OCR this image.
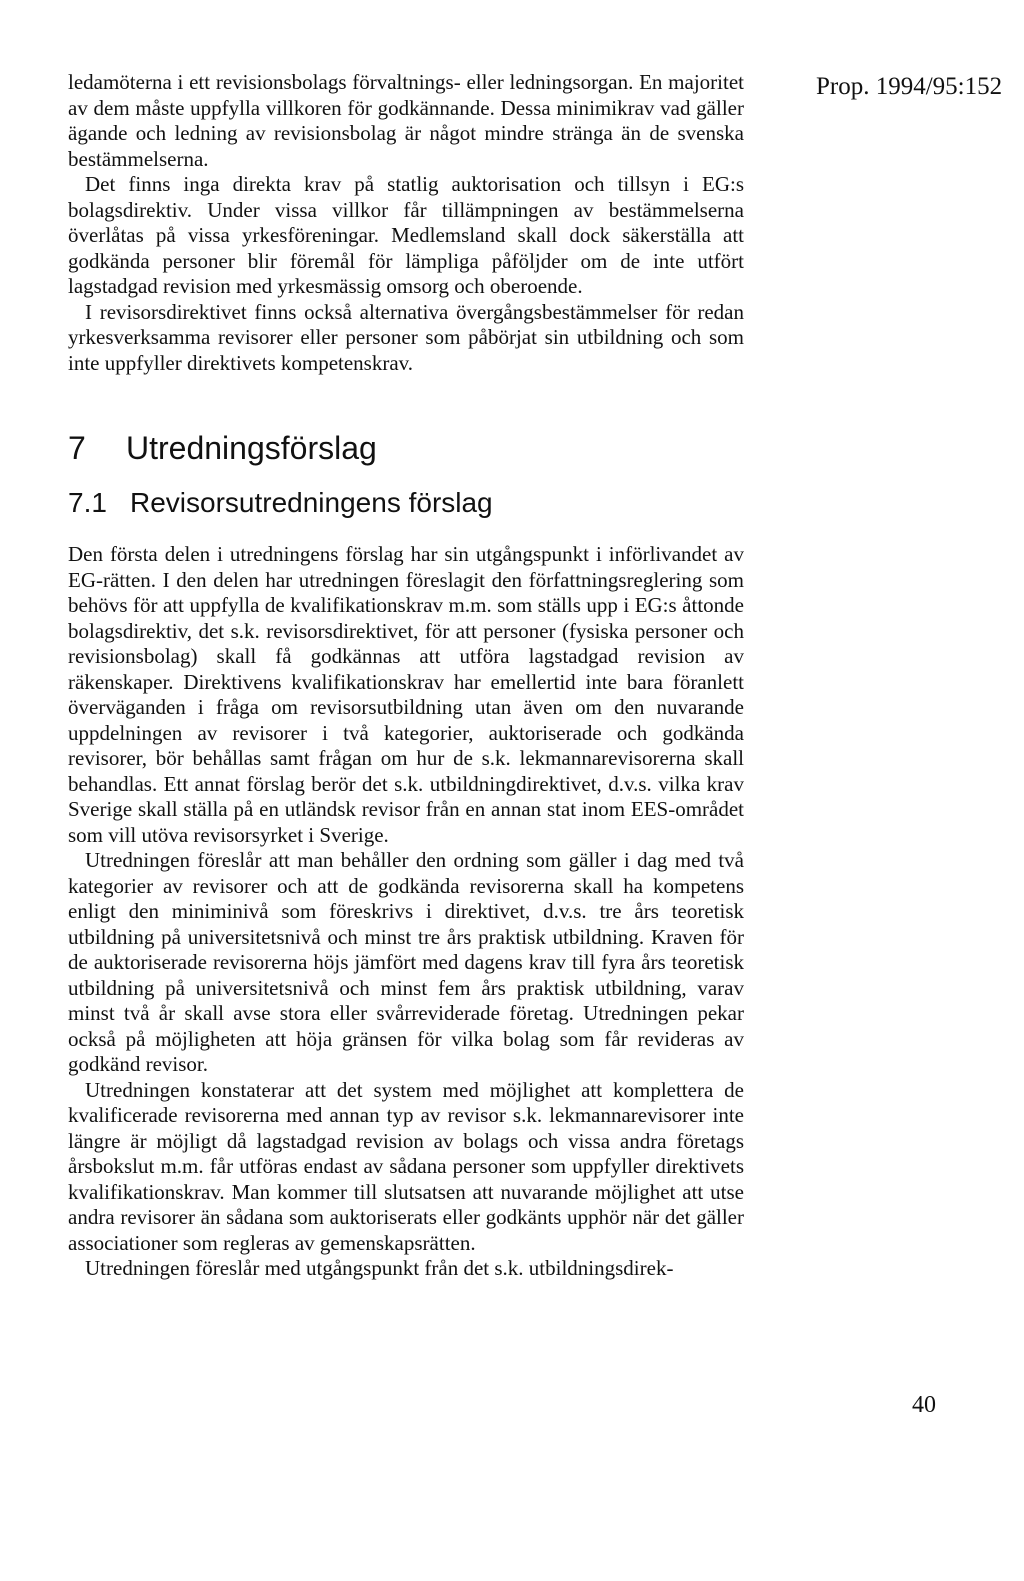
Prop. 1994/95:152

ledamöterna i ett revisionsbolags förvaltnings- eller ledningsorgan. En majoritet av dem måste uppfylla villkoren för godkännande. Dessa minimikrav vad gäller ägande och ledning av revisionsbolag är något mindre stränga än de svenska bestämmelserna.

Det finns inga direkta krav på statlig auktorisation och tillsyn i EG:s bolagsdirektiv. Under vissa villkor får tillämpningen av bestämmelserna överlåtas på vissa yrkesföreningar. Medlemsland skall dock säkerställa att godkända personer blir föremål för lämpliga påföljder om de inte utfört lagstadgad revision med yrkesmässig omsorg och oberoende.

I revisorsdirektivet finns också alternativa övergångsbestämmelser för redan yrkesverksamma revisorer eller personer som påbörjat sin utbildning och som inte uppfyller direktivets kompetenskrav.

7	Utredningsförslag
7.1 Revisorsutredningens förslag

Den första delen i utredningens förslag har sin utgångspunkt i införlivandet av EG-rätten. I den delen har utredningen föreslagit den författningsreglering som behövs för att uppfylla de kvalifikationskrav m.m. som ställs upp i EG:s åttonde bolagsdirektiv, det s.k. revisorsdirektivet, för att personer (fysiska personer och revisionsbolag) skall få godkännas att utföra lagstadgad revision av räkenskaper. Direktivens kvalifikationskrav har emellertid inte bara föranlett överväganden i fråga om revisorsutbildning utan även om den nuvarande uppdelningen av revisorer i två kategorier, auktoriserade och godkända revisorer, bör behållas samt frågan om hur de s.k. lekmannarevisorerna skall behandlas. Ett annat förslag berör det s.k. utbildningdirektivet, d.v.s. vilka krav Sverige skall ställa på en utländsk revisor från en annan stat inom EES-området som vill utöva revisorsyrket i Sverige.

Utredningen föreslår att man behåller den ordning som gäller i dag med två kategorier av revisorer och att de godkända revisorerna skall ha kompetens enligt den miniminivå som föreskrivs i direktivet, d.v.s. tre års teoretisk utbildning på universitetsnivå och minst tre års praktisk utbildning. Kraven för de auktoriserade revisorerna höjs jämfört med dagens krav till fyra års teoretisk utbildning på universitetsnivå och minst fem års praktisk utbildning, varav minst två år skall avse stora eller svårreviderade företag. Utredningen pekar också på möjligheten att höja gränsen för vilka bolag som får revideras av godkänd revisor.

Utredningen konstaterar att det system med möjlighet att komplettera de kvalificerade revisorerna med annan typ av revisor s.k. lekmannarevisorer inte längre är möjligt då lagstadgad revision av bolags och vissa andra företags årsbokslut m.m. får utföras endast av sådana personer som uppfyller direktivets kvalifikationskrav. Man kommer till slutsatsen att nuvarande möjlighet att utse andra revisorer än sådana som auktoriserats eller godkänts upphör när det gäller associationer som regleras av gemenskapsrätten.

Utredningen föreslår med utgångspunkt från det s.k. utbildningsdirek-

40
